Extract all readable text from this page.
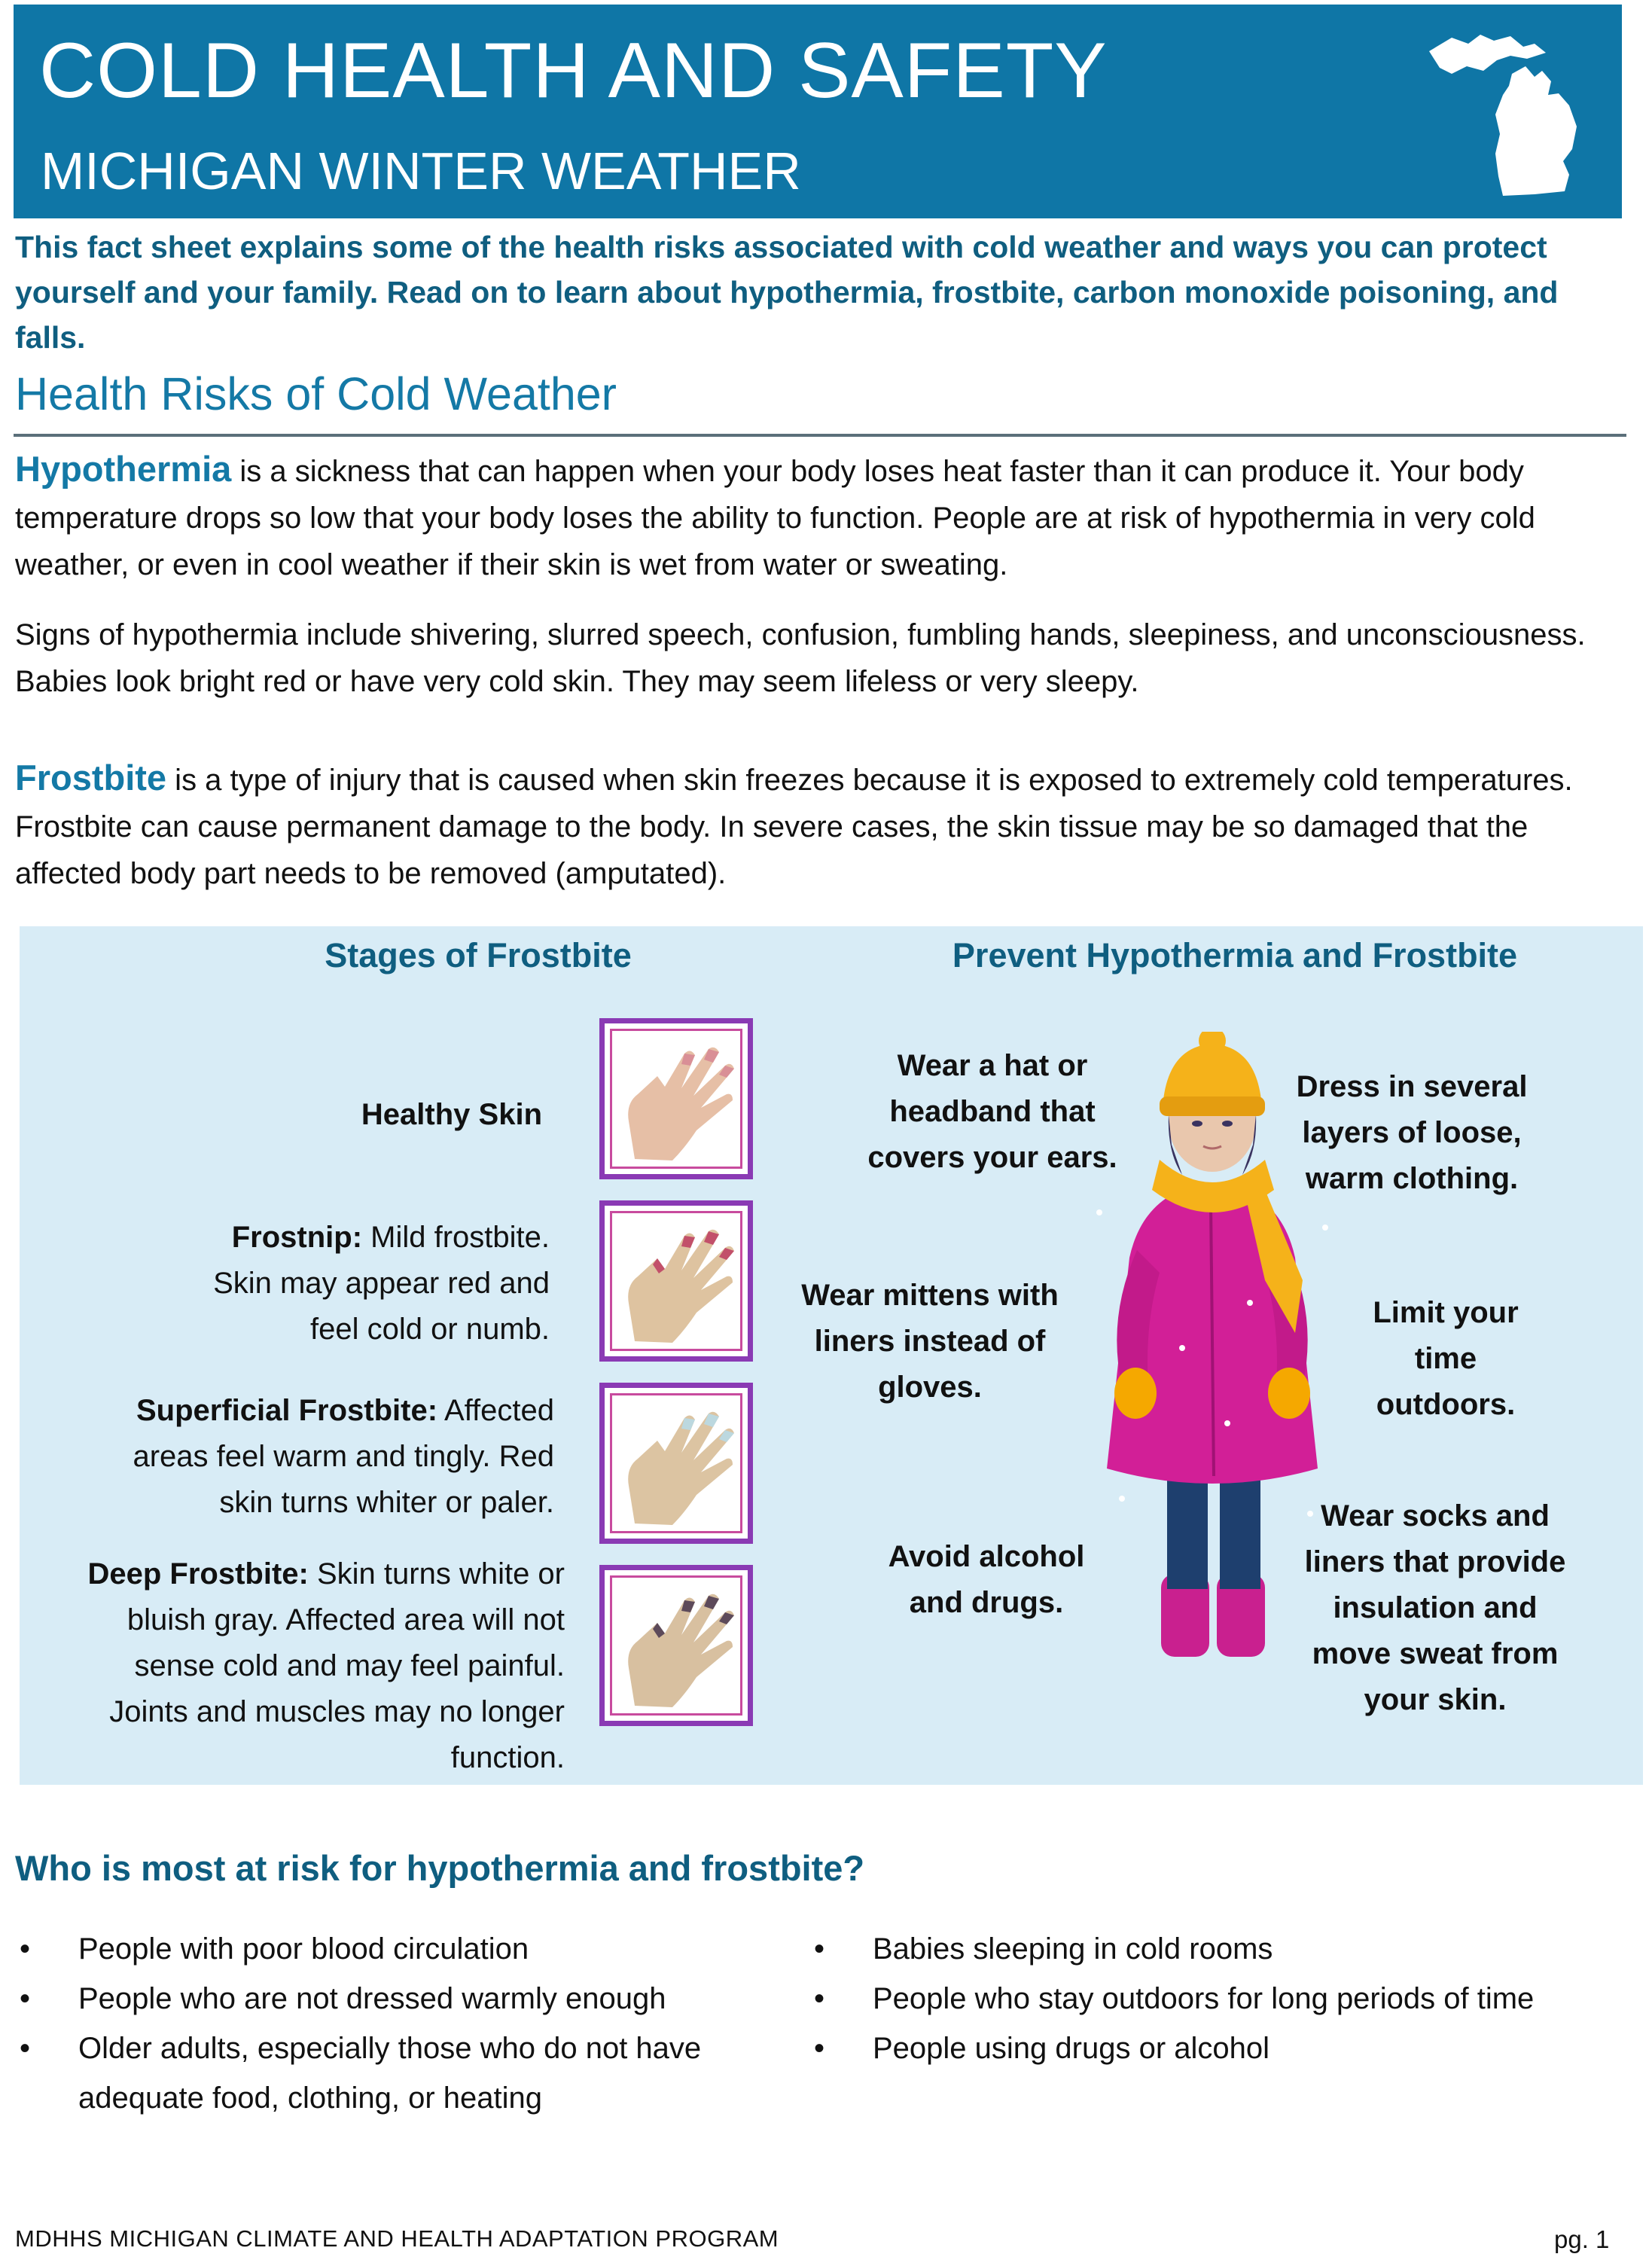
COLD HEALTH AND SAFETY
MICHIGAN WINTER WEATHER

This fact sheet explains some of the health risks associated with cold weather and ways you can protect yourself and your family. Read on to learn about hypothermia, frostbite, carbon monoxide poisoning, and falls.

Health Risks of Cold Weather

Hypothermia is a sickness that can happen when your body loses heat faster than it can produce it. Your body temperature drops so low that your body loses the ability to function. People are at risk of hypothermia in very cold weather, or even in cool weather if their skin is wet from water or sweating.

Signs of hypothermia include shivering, slurred speech, confusion, fumbling hands, sleepiness, and unconsciousness. Babies look bright red or have very cold skin. They may seem lifeless or very sleepy.

Frostbite is a type of injury that is caused when skin freezes because it is exposed to extremely cold temperatures. Frostbite can cause permanent damage to the body. In severe cases, the skin tissue may be so damaged that the affected body part needs to be removed (amputated).

Stages of Frostbite	Prevent Hypothermia and Frostbite
Healthy Skin
Frostnip: Mild frostbite. Skin may appear red and feel cold or numb.
Superficial Frostbite: Affected areas feel warm and tingly. Red skin turns whiter or paler.
Deep Frostbite: Skin turns white or bluish gray. Affected area will not sense cold and may feel painful. Joints and muscles may no longer function.
Wear a hat or headband that covers your ears.
Dress in several layers of loose, warm clothing.
Wear mittens with liners instead of gloves.
Limit your time outdoors.
Avoid alcohol and drugs.
Wear socks and liners that provide insulation and move sweat from your skin.
Who is most at risk for hypothermia and frostbite?
• People with poor blood circulation
• People who are not dressed warmly enough
• Older adults, especially those who do not have adequate food, clothing, or heating
• Babies sleeping in cold rooms
• People who stay outdoors for long periods of time
• People using drugs or alcohol
MDHHS MICHIGAN CLIMATE AND HEALTH ADAPTATION PROGRAM	pg. 1
